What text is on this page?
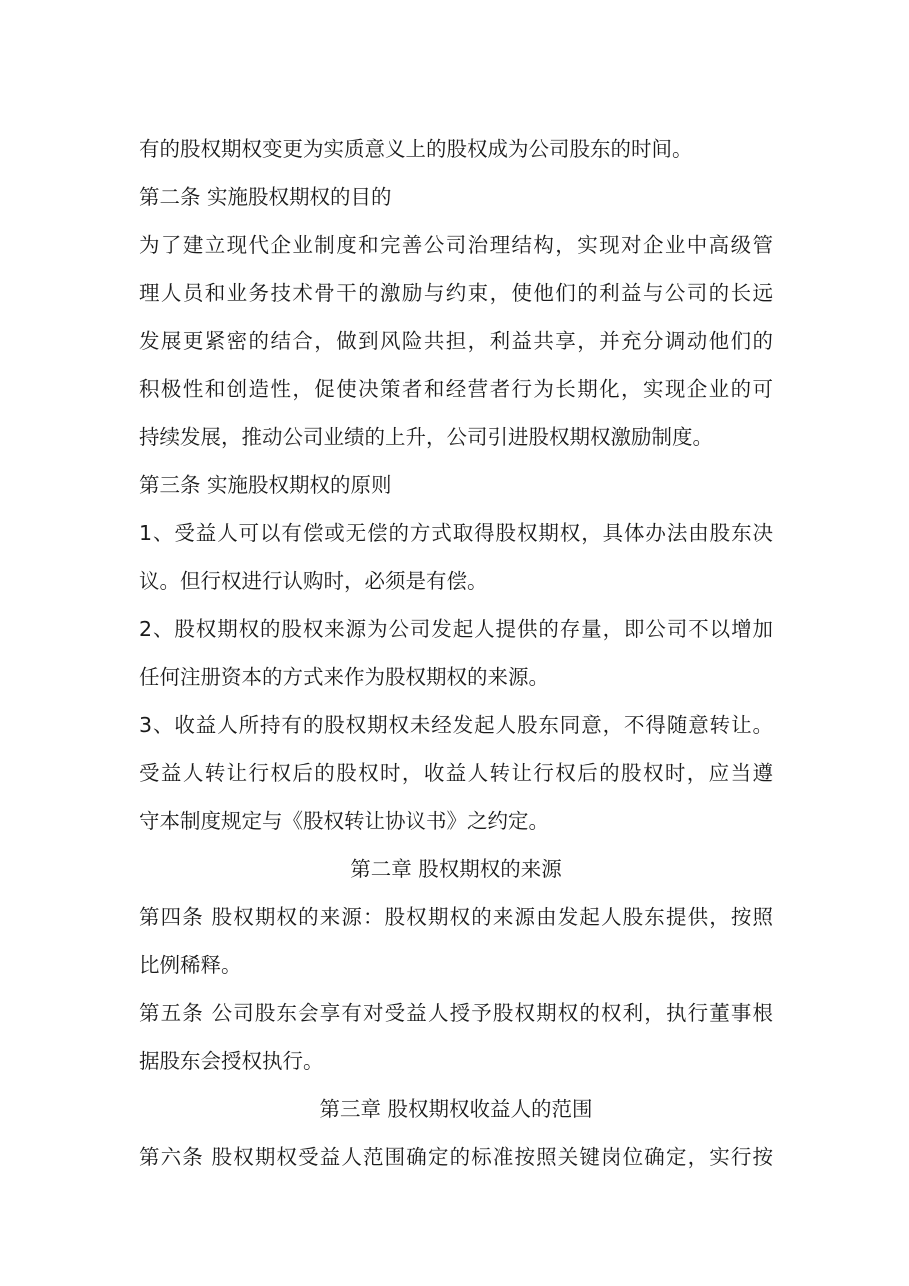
有的股权期权变更为实质意义上的股权成为公司股东的时间。
第二条 实施股权期权的目的
为了建立现代企业制度和完善公司治理结构，实现对企业中高级管
理人员和业务技术骨干的激励与约束，使他们的利益与公司的长远
发展更紧密的结合，做到风险共担，利益共享，并充分调动他们的
积极性和创造性，促使决策者和经营者行为长期化，实现企业的可
持续发展，推动公司业绩的上升，公司引进股权期权激励制度。
第三条 实施股权期权的原则
1、受益人可以有偿或无偿的方式取得股权期权，具体办法由股东决
议。但行权进行认购时，必须是有偿。
2、股权期权的股权来源为公司发起人提供的存量，即公司不以增加
任何注册资本的方式来作为股权期权的来源。
3、收益人所持有的股权期权未经发起人股东同意，不得随意转让。
受益人转让行权后的股权时，收益人转让行权后的股权时，应当遵
守本制度规定与《股权转让协议书》之约定。
第二章 股权期权的来源
第四条 股权期权的来源：股权期权的来源由发起人股东提供，按照
比例稀释。
第五条 公司股东会享有对受益人授予股权期权的权利，执行董事根
据股东会授权执行。
第三章 股权期权收益人的范围
第六条 股权期权受益人范围确定的标准按照关键岗位确定，实行按
